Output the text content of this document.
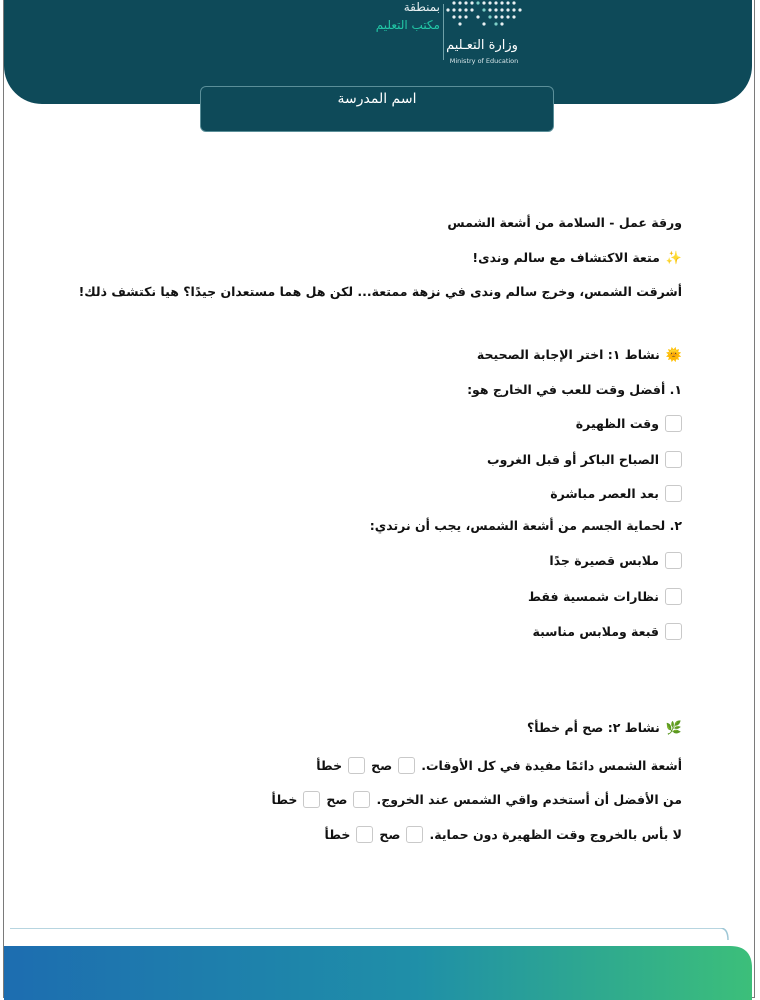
بمنطقة
مكتب التعليم
وزارة التعـليم
Ministry of Education
اسم المدرسة
ورقة عمل - السلامة من أشعة الشمس
✨متعة الاكتشاف مع سالم وندى!
أشرقت الشمس، وخرج سالم وندى في نزهة ممتعة... لكن هل هما مستعدان جيدًا؟ هيا نكتشف ذلك!
🌞نشاط ١: اختر الإجابة الصحيحة
١. أفضل وقت للعب في الخارج هو:
وقت الظهيرة
الصباح الباكر أو قبل الغروب
بعد العصر مباشرة
٢. لحماية الجسم من أشعة الشمس، يجب أن نرتدي:
ملابس قصيرة جدًا
نظارات شمسية فقط
قبعة وملابس مناسبة
🌿نشاط ٢: صح أم خطأ؟
أشعة الشمس دائمًا مفيدة في كل الأوقات.
صح
خطأ
من الأفضل أن أستخدم واقي الشمس عند الخروج.
صح
خطأ
لا بأس بالخروج وقت الظهيرة دون حماية.
صح
خطأ
